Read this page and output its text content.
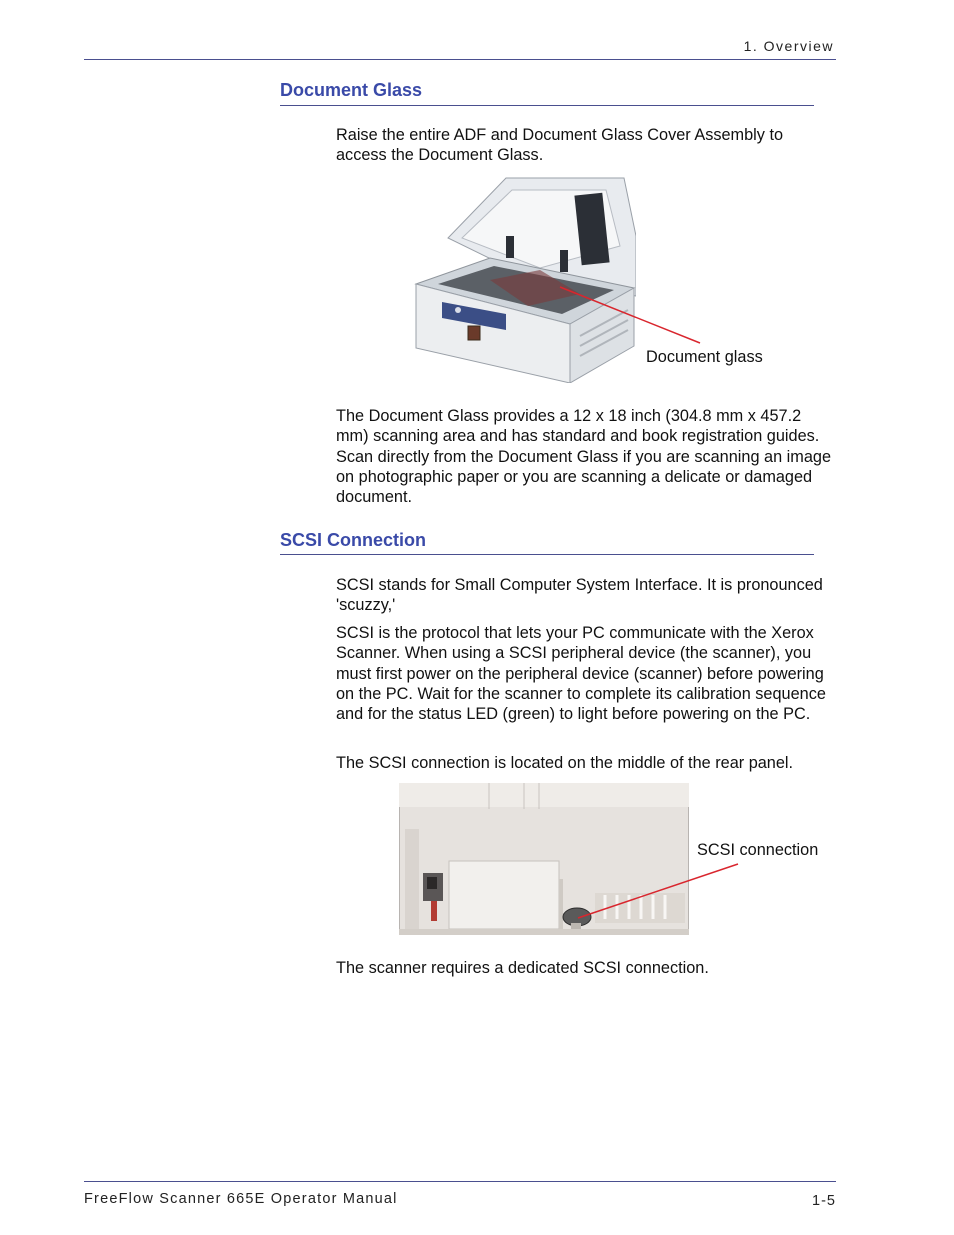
1. Overview
Document Glass
Raise the entire ADF and Document Glass Cover Assembly to access the Document Glass.
Document glass
The Document Glass provides a 12 x 18 inch (304.8 mm x 457.2 mm) scanning area and has standard and book registration guides. Scan directly from the Document Glass if you are scanning an image on photographic paper or you are scanning a delicate or damaged document.
SCSI Connection
SCSI stands for Small Computer System Interface. It is pronounced 'scuzzy,'
SCSI is the protocol that lets your PC communicate with the Xerox Scanner. When using a SCSI peripheral device (the scanner), you must first power on the peripheral device (scanner) before powering on the PC. Wait for the scanner to complete its calibration sequence and for the status LED (green) to light before powering on the PC.
The SCSI connection is located on the middle of the rear panel.
SCSI connection
The scanner requires a dedicated SCSI connection.
FreeFlow Scanner 665E Operator Manual	1-5
